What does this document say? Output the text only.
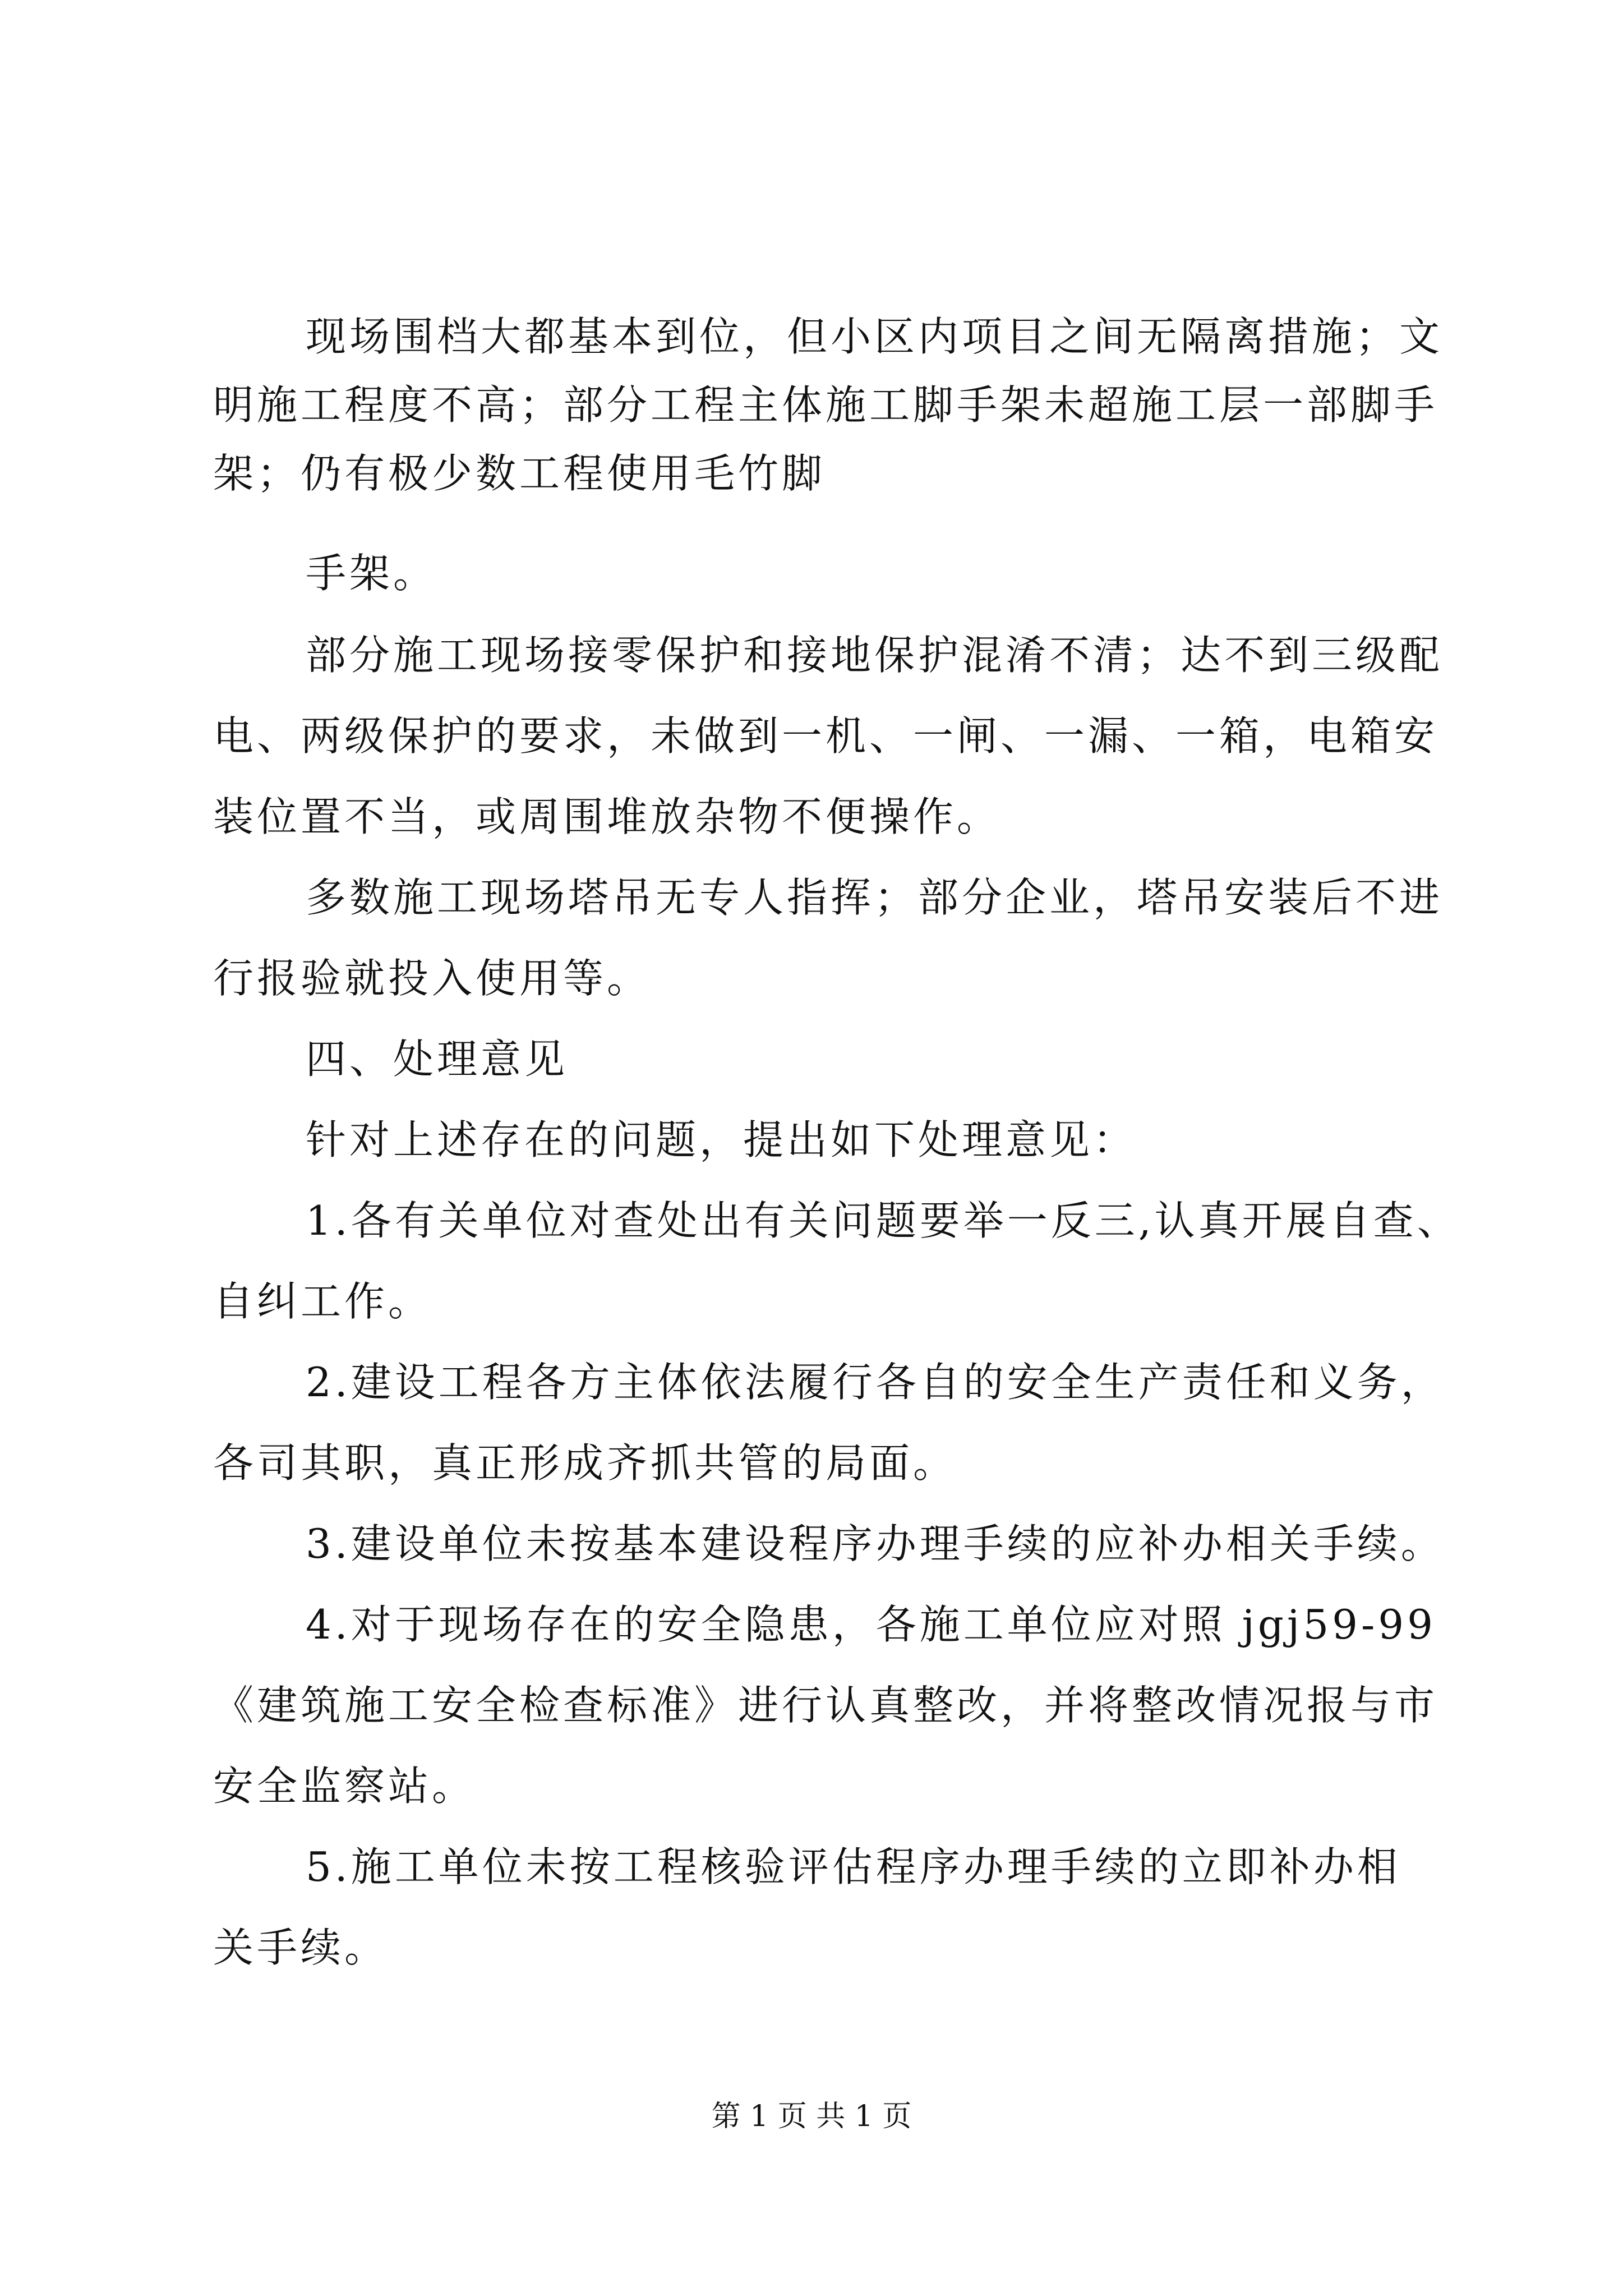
现场围档大都基本到位，但小区内项目之间无隔离措施；文
明施工程度不高；部分工程主体施工脚手架未超施工层一部脚手
架；仍有极少数工程使用毛竹脚
手架。
部分施工现场接零保护和接地保护混淆不清；达不到三级配
电、两级保护的要求，未做到一机、一闸、一漏、一箱，电箱安
装位置不当，或周围堆放杂物不便操作。
多数施工现场塔吊无专人指挥；部分企业，塔吊安装后不进
行报验就投入使用等。
四、处理意见
针对上述存在的问题，提出如下处理意见：
1.各有关单位对查处出有关问题要举一反三,认真开展自查、
自纠工作。
2.建设工程各方主体依法履行各自的安全生产责任和义务，
各司其职，真正形成齐抓共管的局面。
3.建设单位未按基本建设程序办理手续的应补办相关手续。
4.对于现场存在的安全隐患，各施工单位应对照 jgj59-99
《建筑施工安全检查标准》进行认真整改，并将整改情况报与市
安全监察站。
5.施工单位未按工程核验评估程序办理手续的立即补办相
关手续。
第 1 页 共 1 页
